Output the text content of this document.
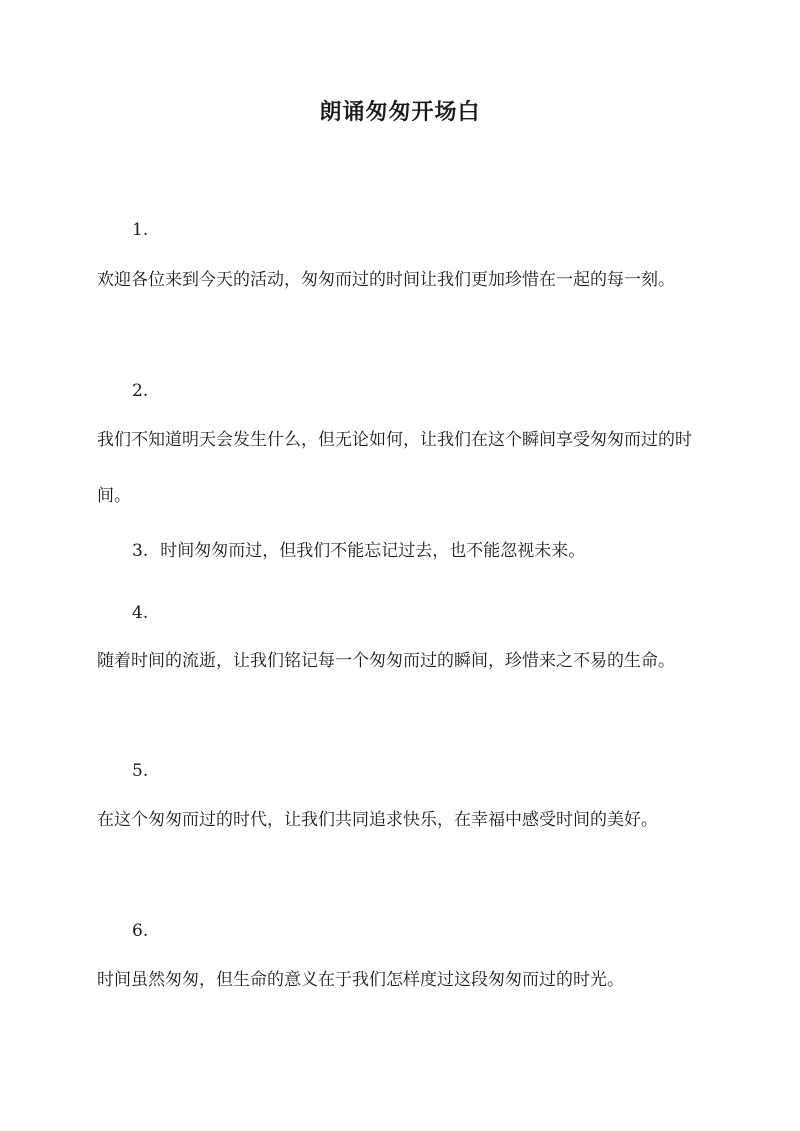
朗诵匆匆开场白
1.
欢迎各位来到今天的活动，匆匆而过的时间让我们更加珍惜在一起的每一刻。
2.
我们不知道明天会发生什么，但无论如何，让我们在这个瞬间享受匆匆而过的时间。
3. 时间匆匆而过，但我们不能忘记过去，也不能忽视未来。
4.
随着时间的流逝，让我们铭记每一个匆匆而过的瞬间，珍惜来之不易的生命。
5.
在这个匆匆而过的时代，让我们共同追求快乐，在幸福中感受时间的美好。
6.
时间虽然匆匆，但生命的意义在于我们怎样度过这段匆匆而过的时光。
